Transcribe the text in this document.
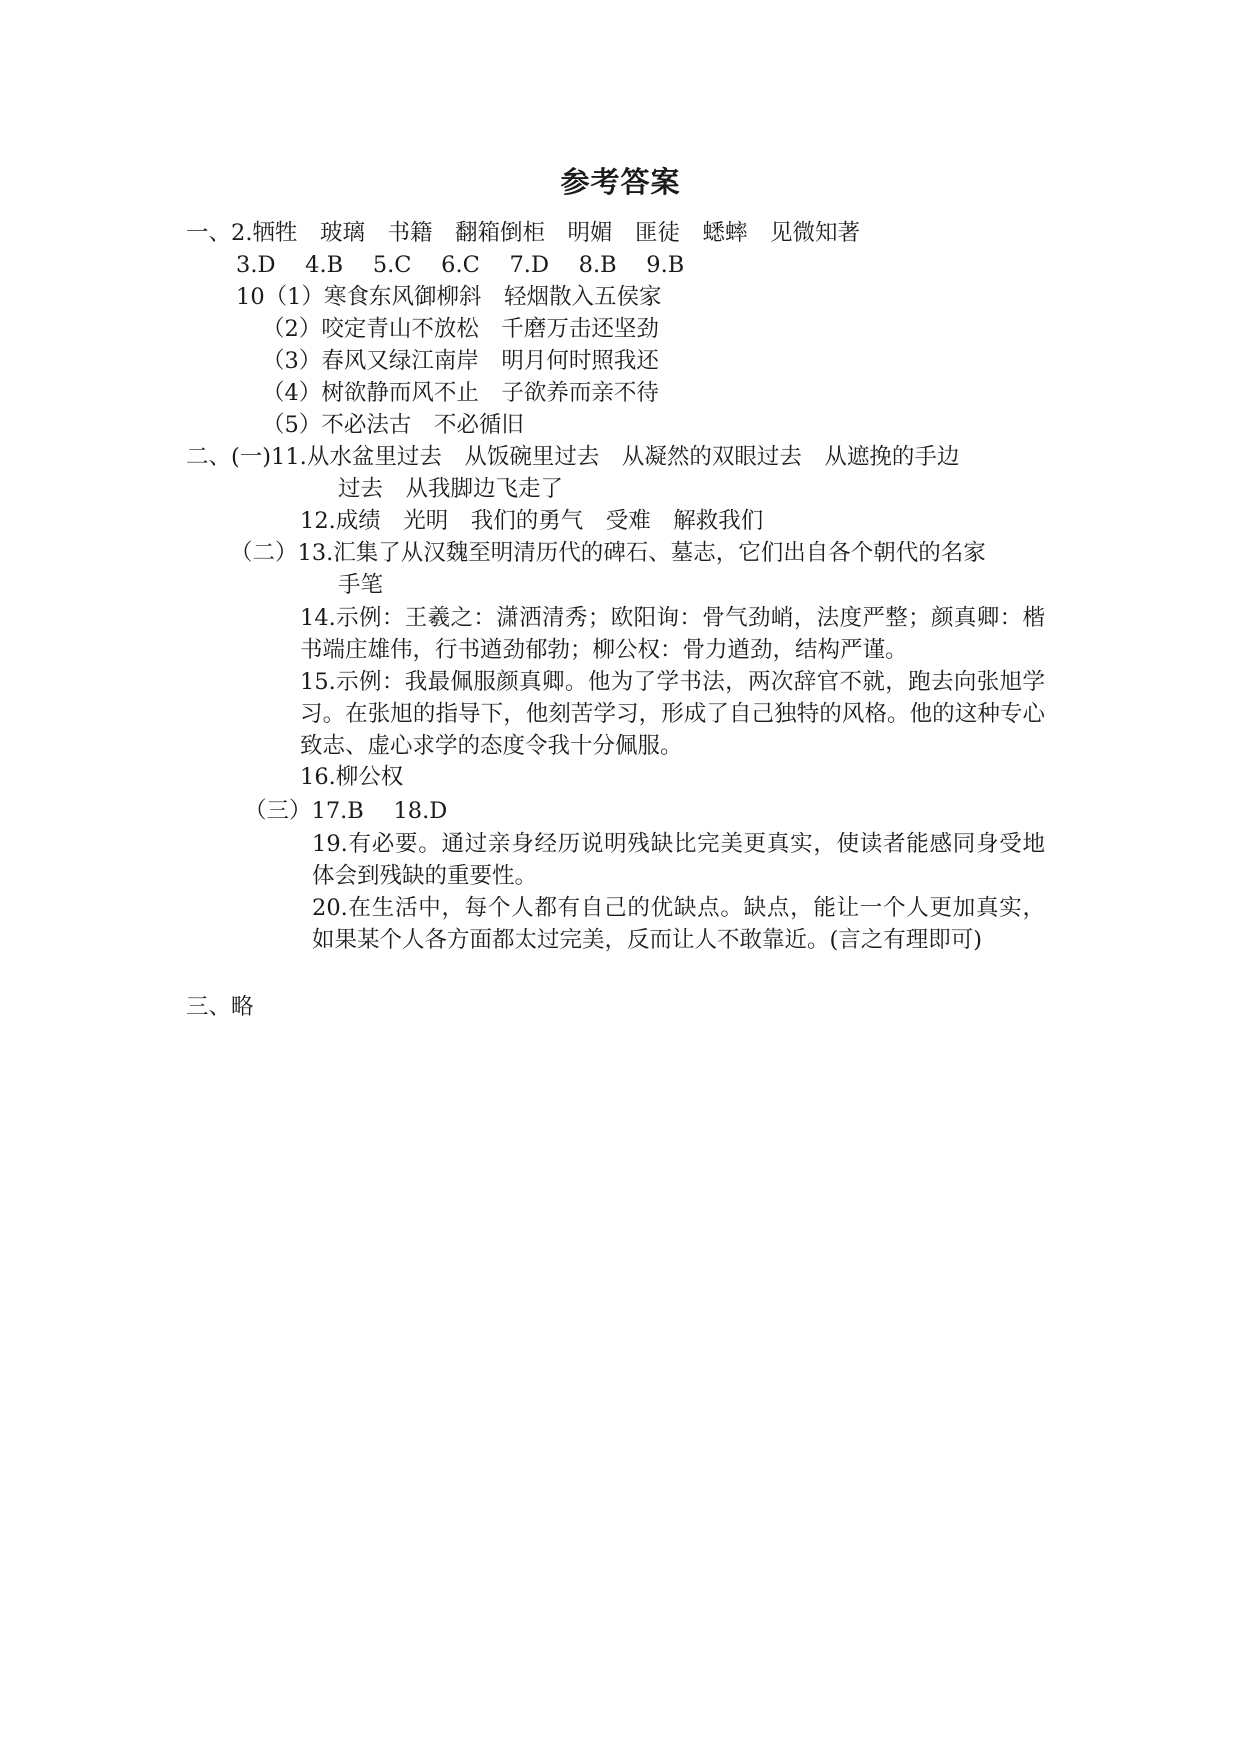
参考答案
一、2.牺牲　玻璃　书籍　翻箱倒柜　明媚　匪徒　蟋蟀　见微知著
3.D　 4.B　 5.C　 6.C　 7.D　 8.B　 9.B
10（1）寒食东风御柳斜　轻烟散入五侯家
（2）咬定青山不放松　千磨万击还坚劲
（3）春风又绿江南岸　明月何时照我还
（4）树欲静而风不止　子欲养而亲不待
（5）不必法古　不必循旧
二、(一)11.从水盆里过去　从饭碗里过去　从凝然的双眼过去　从遮挽的手边
过去　从我脚边飞走了
12.成绩　光明　我们的勇气　受难　解救我们
（二）13.汇集了从汉魏至明清历代的碑石、墓志，它们出自各个朝代的名家
手笔
14.示例：王羲之：潇洒清秀；欧阳询：骨气劲峭，法度严整；颜真卿：楷书端庄雄伟，行书遒劲郁勃；柳公权：骨力遒劲，结构严谨。
15.示例：我最佩服颜真卿。他为了学书法，两次辞官不就，跑去向张旭学习。在张旭的指导下，他刻苦学习，形成了自己独特的风格。他的这种专心致志、虚心求学的态度令我十分佩服。
16.柳公权
（三）17.B　 18.D
19.有必要。通过亲身经历说明残缺比完美更真实，使读者能感同身受地体会到残缺的重要性。
20.在生活中，每个人都有自己的优缺点。缺点，能让一个人更加真实，如果某个人各方面都太过完美，反而让人不敢靠近。(言之有理即可)
三、略
